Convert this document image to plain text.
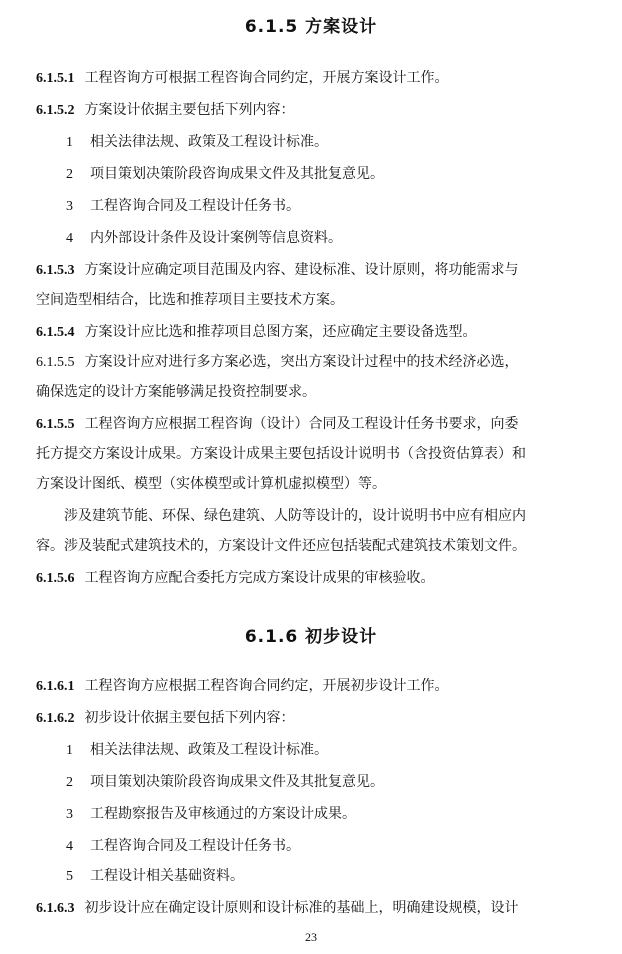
6.1.5 方案设计
6.1.5.1 工程咨询方可根据工程咨询合同约定，开展方案设计工作。
6.1.5.2 方案设计依据主要包括下列内容：
1 相关法律法规、政策及工程设计标准。
2 项目策划决策阶段咨询成果文件及其批复意见。
3 工程咨询合同及工程设计任务书。
4 内外部设计条件及设计案例等信息资料。
6.1.5.3 方案设计应确定项目范围及内容、建设标准、设计原则，将功能需求与
空间造型相结合，比选和推荐项目主要技术方案。
6.1.5.4 方案设计应比选和推荐项目总图方案，还应确定主要设备选型。
6.1.5.5 方案设计应对进行多方案必选，突出方案设计过程中的技术经济必选，
确保选定的设计方案能够满足投资控制要求。
6.1.5.5 工程咨询方应根据工程咨询（设计）合同及工程设计任务书要求，向委
托方提交方案设计成果。方案设计成果主要包括设计说明书（含投资估算表）和
方案设计图纸、模型（实体模型或计算机虚拟模型）等。
涉及建筑节能、环保、绿色建筑、人防等设计的，设计说明书中应有相应内
容。涉及装配式建筑技术的，方案设计文件还应包括装配式建筑技术策划文件。
6.1.5.6 工程咨询方应配合委托方完成方案设计成果的审核验收。
6.1.6 初步设计
6.1.6.1 工程咨询方应根据工程咨询合同约定，开展初步设计工作。
6.1.6.2 初步设计依据主要包括下列内容：
1 相关法律法规、政策及工程设计标准。
2 项目策划决策阶段咨询成果文件及其批复意见。
3 工程勘察报告及审核通过的方案设计成果。
4 工程咨询合同及工程设计任务书。
5 工程设计相关基础资料。
6.1.6.3 初步设计应在确定设计原则和设计标准的基础上，明确建设规模，设计
23
